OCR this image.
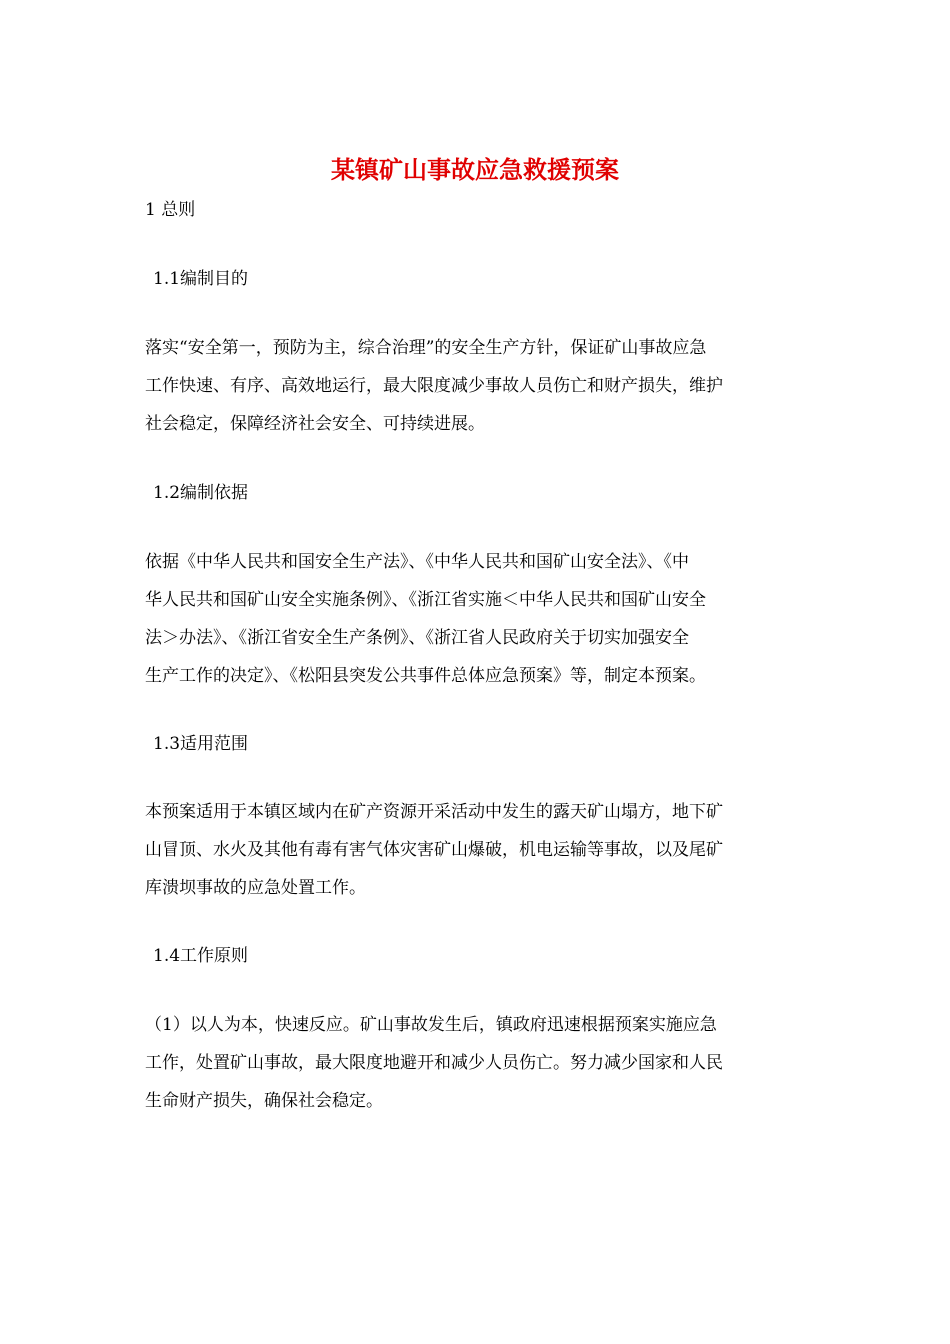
某镇矿山事故应急救援预案
1 总则
1.1编制目的
落实“安全第一，预防为主，综合治理”的安全生产方针，保证矿山事故应急
工作快速、有序、高效地运行，最大限度减少事故人员伤亡和财产损失，维护
社会稳定，保障经济社会安全、可持续进展。
1.2编制依据
依据《中华人民共和国安全生产法》、《中华人民共和国矿山安全法》、《中
华人民共和国矿山安全实施条例》、《浙江省实施＜中华人民共和国矿山安全
法＞办法》、《浙江省安全生产条例》、《浙江省人民政府关于切实加强安全
生产工作的决定》、《松阳县突发公共事件总体应急预案》等，制定本预案。
1.3适用范围
本预案适用于本镇区域内在矿产资源开采活动中发生的露天矿山塌方，地下矿
山冒顶、水火及其他有毒有害气体灾害矿山爆破，机电运输等事故，以及尾矿
库溃坝事故的应急处置工作。
1.4工作原则
（1）以人为本，快速反应。矿山事故发生后，镇政府迅速根据预案实施应急
工作，处置矿山事故，最大限度地避开和减少人员伤亡。努力减少国家和人民
生命财产损失，确保社会稳定。
